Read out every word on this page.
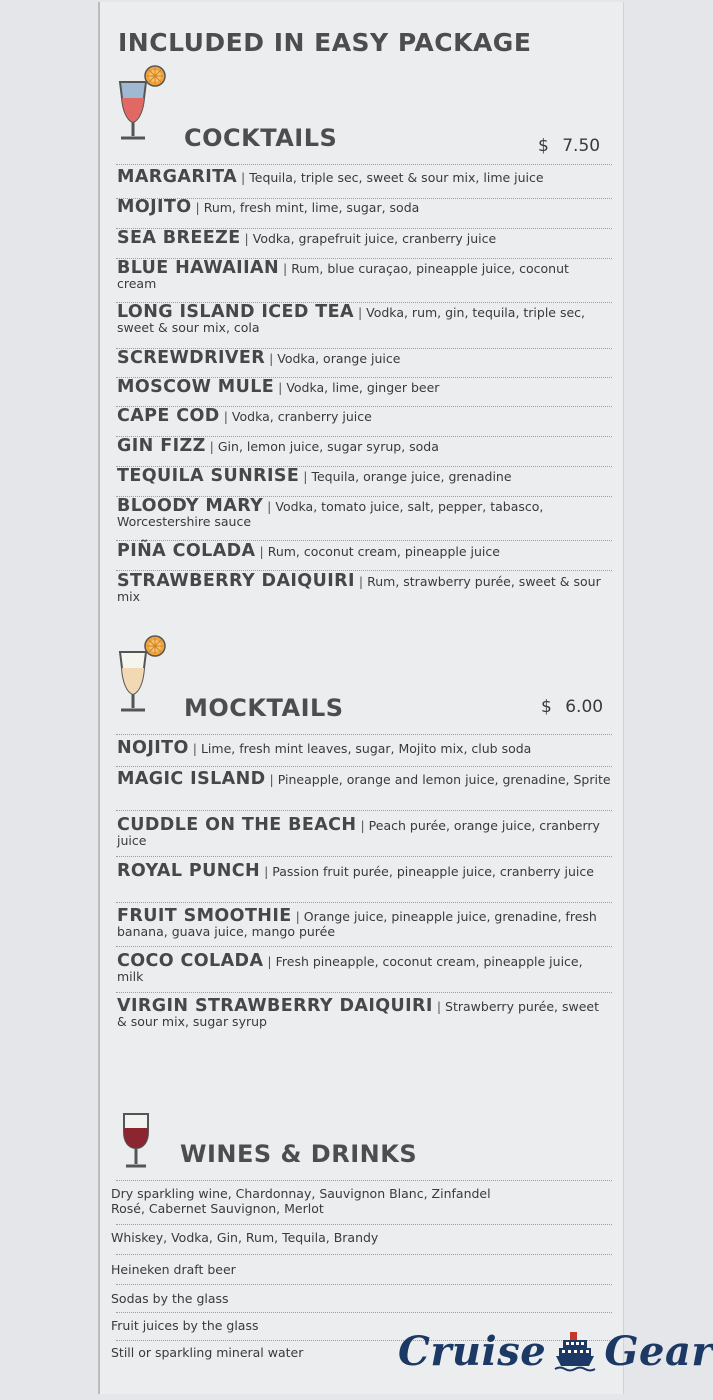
INCLUDED IN EASY PACKAGE
COCKTAILS	$ 7.50
MARGARITA | Tequila, triple sec, sweet & sour mix, lime juice
MOJITO | Rum, fresh mint, lime, sugar, soda
SEA BREEZE | Vodka, grapefruit juice, cranberry juice
BLUE HAWAIIAN | Rum, blue curaçao, pineapple juice, coconut cream
LONG ISLAND ICED TEA | Vodka, rum, gin, tequila, triple sec, sweet & sour mix, cola
SCREWDRIVER | Vodka, orange juice
MOSCOW MULE | Vodka, lime, ginger beer
CAPE COD | Vodka, cranberry juice
GIN FIZZ | Gin, lemon juice, sugar syrup, soda
TEQUILA SUNRISE | Tequila, orange juice, grenadine
BLOODY MARY | Vodka, tomato juice, salt, pepper, tabasco, Worcestershire sauce
PIÑA COLADA | Rum, coconut cream, pineapple juice
STRAWBERRY DAIQUIRI | Rum, strawberry purée, sweet & sour mix
MOCKTAILS	$ 6.00
NOJITO | Lime, fresh mint leaves, sugar, Mojito mix, club soda
MAGIC ISLAND | Pineapple, orange and lemon juice, grenadine, Sprite
CUDDLE ON THE BEACH | Peach purée, orange juice, cranberry juice
ROYAL PUNCH | Passion fruit purée, pineapple juice, cranberry juice
FRUIT SMOOTHIE | Orange juice, pineapple juice, grenadine, fresh banana, guava juice, mango purée
COCO COLADA | Fresh pineapple, coconut cream, pineapple juice, milk
VIRGIN STRAWBERRY DAIQUIRI | Strawberry purée, sweet & sour mix, sugar syrup
WINES & DRINKS
Dry sparkling wine, Chardonnay, Sauvignon Blanc, Zinfandel Rosé, Cabernet Sauvignon, Merlot
Whiskey, Vodka, Gin, Rum, Tequila, Brandy
Heineken draft beer
Sodas by the glass
Fruit juices by the glass
Still or sparkling mineral water	Cruise Gear
